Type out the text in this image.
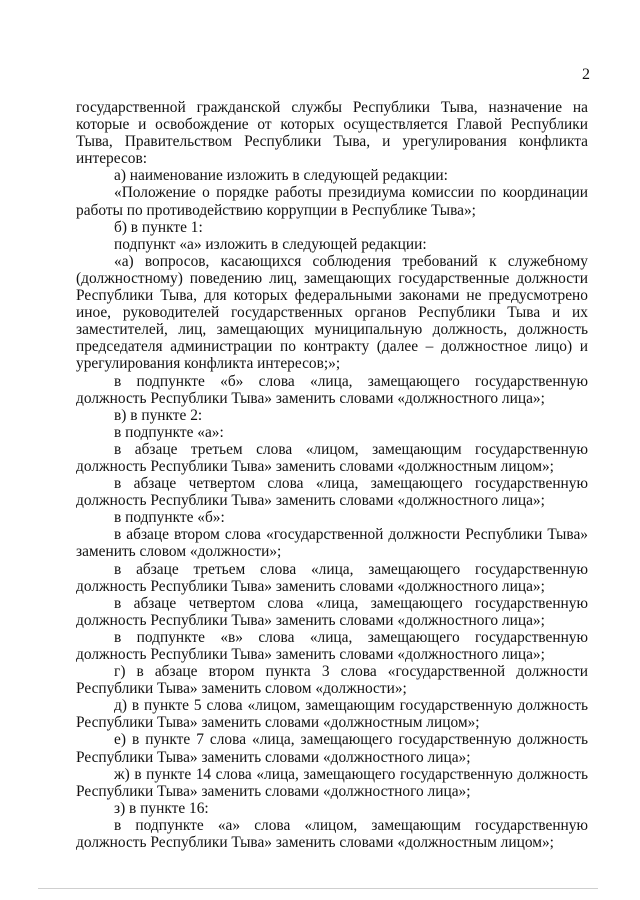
2

государственной гражданской службы Республики Тыва, назначение на которые и освобождение от которых осуществляется Главой Республики Тыва, Правительством Республики Тыва, и урегулирования конфликта интересов:

а) наименование изложить в следующей редакции:

«Положение о порядке работы президиума комиссии по координации работы по противодействию коррупции в Республике Тыва»;

б) в пункте 1:

подпункт «а» изложить в следующей редакции:

«а) вопросов, касающихся соблюдения требований к служебному (должностному) поведению лиц, замещающих государственные должности Республики Тыва, для которых федеральными законами не предусмотрено иное, руководителей государственных органов Республики Тыва и их заместителей, лиц, замещающих муниципальную должность, должность председателя администрации по контракту (далее – должностное лицо) и урегулирования конфликта интересов;»;

в подпункте «б» слова «лица, замещающего государственную должность Республики Тыва» заменить словами «должностного лица»;

в) в пункте 2:

в подпункте «а»:

в абзаце третьем слова «лицом, замещающим государственную должность Республики Тыва» заменить словами «должностным лицом»;

в абзаце четвертом слова «лица, замещающего государственную должность Республики Тыва» заменить словами «должностного лица»;

в подпункте «б»:

в абзаце втором слова «государственной должности Республики Тыва» заменить словом «должности»;

в абзаце третьем слова «лица, замещающего государственную должность Республики Тыва» заменить словами «должностного лица»;

в абзаце четвертом слова «лица, замещающего государственную должность Республики Тыва» заменить словами «должностного лица»;

в подпункте «в» слова «лица, замещающего государственную должность Республики Тыва» заменить словами «должностного лица»;

г) в абзаце втором пункта 3 слова «государственной должности Республики Тыва» заменить словом «должности»;

д) в пункте 5 слова «лицом, замещающим государственную должность Республики Тыва» заменить словами «должностным лицом»;

е) в пункте 7 слова «лица, замещающего государственную должность Республики Тыва» заменить словами «должностного лица»;

ж) в пункте 14 слова «лица, замещающего государственную должность Республики Тыва» заменить словами «должностного лица»;

з) в пункте 16:

в подпункте «а» слова «лицом, замещающим государственную должность Республики Тыва» заменить словами «должностным лицом»;
